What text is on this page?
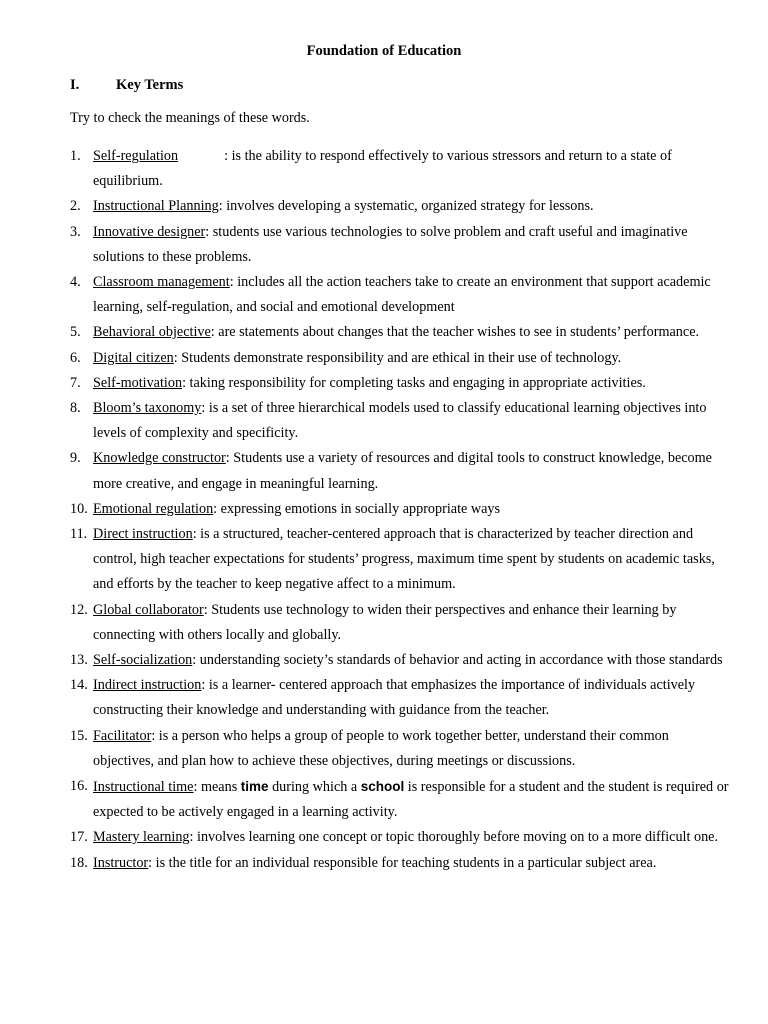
Foundation of Education
I.	Key Terms
Try to check the meanings of these words.
1. Self-regulation	: is the ability to respond effectively to various stressors and return to a state of equilibrium.
2. Instructional Planning: involves developing a systematic, organized strategy for lessons.
3. Innovative designer: students use various technologies to solve problem and craft useful and imaginative solutions to these problems.
4. Classroom management: includes all the action teachers take to create an environment that support academic learning, self-regulation, and social and emotional development
5. Behavioral objective: are statements about changes that the teacher wishes to see in students’ performance.
6. Digital citizen: Students demonstrate responsibility and are ethical in their use of technology.
7. Self-motivation: taking responsibility for completing tasks and engaging in appropriate activities.
8. Bloom’s taxonomy: is a set of three hierarchical models used to classify educational learning objectives into levels of complexity and specificity.
9. Knowledge constructor: Students use a variety of resources and digital tools to construct knowledge, become more creative, and engage in meaningful learning.
10. Emotional regulation: expressing emotions in socially appropriate ways
11. Direct instruction: is a structured, teacher-centered approach that is characterized by teacher direction and control, high teacher expectations for students’ progress, maximum time spent by students on academic tasks, and efforts by the teacher to keep negative affect to a minimum.
12. Global collaborator: Students use technology to widen their perspectives and enhance their learning by connecting with others locally and globally.
13. Self-socialization: understanding society’s standards of behavior and acting in accordance with those standards
14. Indirect instruction: is a learner- centered approach that emphasizes the importance of individuals actively constructing their knowledge and understanding with guidance from the teacher.
15. Facilitator: is a person who helps a group of people to work together better, understand their common objectives, and plan how to achieve these objectives, during meetings or discussions.
16. Instructional time: means time during which a school is responsible for a student and the student is required or expected to be actively engaged in a learning activity.
17. Mastery learning: involves learning one concept or topic thoroughly before moving on to a more difficult one.
18. Instructor: is the title for an individual responsible for teaching students in a particular subject area.
